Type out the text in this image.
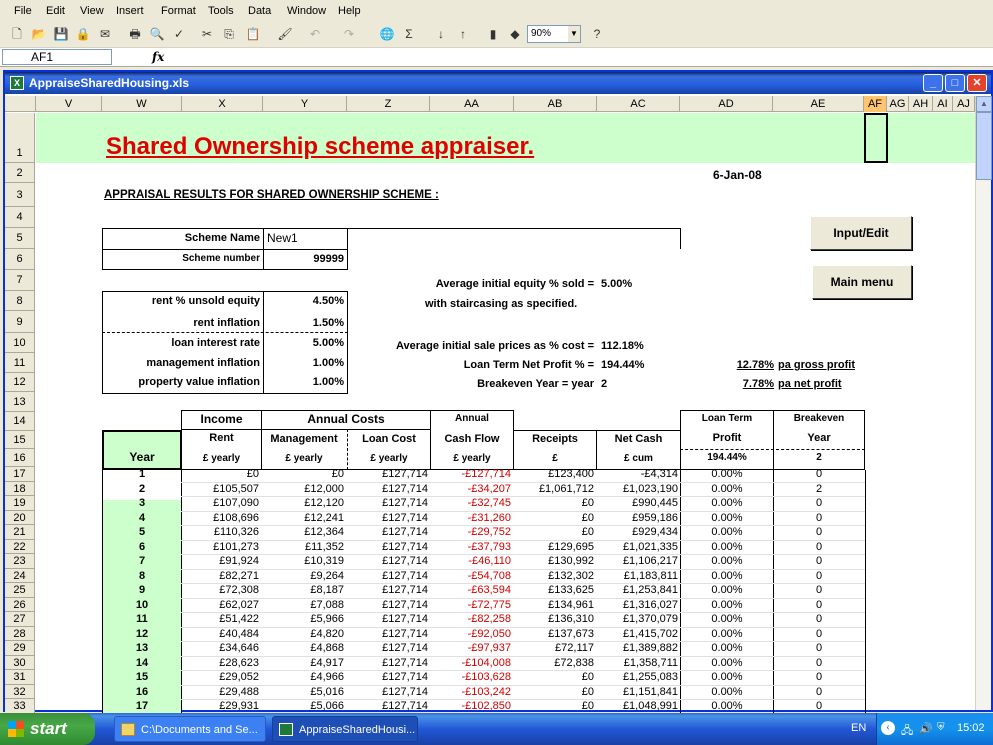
File Edit View Insert Format Tools Data Window Help
🗋 📂 💾 🔒 ✉	🖶 🔍 ✓	✂	⎘ 📋 🖌	↶	↷	🌐 Σ	↓	↑	▮	◆	90% ▼	?
AF1	fx
X AppraiseSharedHousing.xls	_	□	✕
V	W	X	Y	Z	AA	AB	AC	AD	AE	AF AG AH AI AJ
1
2
3
4
5
6
7
8
9
10
11
12
13
14
15
16
17
18
19
20
21
22
23
24
25
26
27
28
29
30
31
32
33
Shared Ownership scheme appraiser.
6-Jan-08
APPRAISAL RESULTS FOR SHARED OWNERSHIP SCHEME :
Scheme Name New1
Scheme number	99999
rent % unsold equity	4.50%
rent inflation	1.50%
loan interest rate	5.00%
management inflation	1.00%
property value inflation	1.00%
Average initial equity % sold = 5.00%
with staircasing as specified.
Average initial sale prices as % cost = 112.18%
Loan Term Net Profit % = 194.44%
Breakeven Year = year 2
12.78% pa gross profit
7.78% pa net profit
Input/Edit
Main menu
Year
Income	Annual Costs	Annual	Loan Term	Breakeven
Rent	Management	Loan Cost	Cash Flow	Receipts	Net Cash	Profit	Year
£ yearly	£ yearly	£ yearly	£ yearly	£	£ cum	194.44%	2
1	£0	£0	£127,714	-£127,714	£123,400	-£4,314	0.00%	0
2	£105,507	£12,000	£127,714	-£34,207	£1,061,712	£1,023,190	0.00%	2
3	£107,090	£12,120	£127,714	-£32,745	£0	£990,445	0.00%	0
4	£108,696	£12,241	£127,714	-£31,260	£0	£959,186	0.00%	0
5	£110,326	£12,364	£127,714	-£29,752	£0	£929,434	0.00%	0
6	£101,273	£11,352	£127,714	-£37,793	£129,695	£1,021,335	0.00%	0
7	£91,924	£10,319	£127,714	-£46,110	£130,992	£1,106,217	0.00%	0
8	£82,271	£9,264	£127,714	-£54,708	£132,302	£1,183,811	0.00%	0
9	£72,308	£8,187	£127,714	-£63,594	£133,625	£1,253,841	0.00%	0
10	£62,027	£7,088	£127,714	-£72,775	£134,961	£1,316,027	0.00%	0
11	£51,422	£5,966	£127,714	-£82,258	£136,310	£1,370,079	0.00%	0
12	£40,484	£4,820	£127,714	-£92,050	£137,673	£1,415,702	0.00%	0
13	£34,646	£4,868	£127,714	-£97,937	£72,117	£1,389,882	0.00%	0
14	£28,623	£4,917	£127,714	-£104,008	£72,838	£1,358,711	0.00%	0
15	£29,052	£4,966	£127,714	-£103,628	£0	£1,255,083	0.00%	0
16	£29,488	£5,016	£127,714	-£103,242	£0	£1,151,841	0.00%	0
17	£29,931	£5,066	£127,714	-£102,850	£0	£1,048,991	0.00%	0
▲
start	C:\Documents and Se...	AppraiseSharedHousi...	EN	‹	🖧 🔊 ⛨ 15:02
